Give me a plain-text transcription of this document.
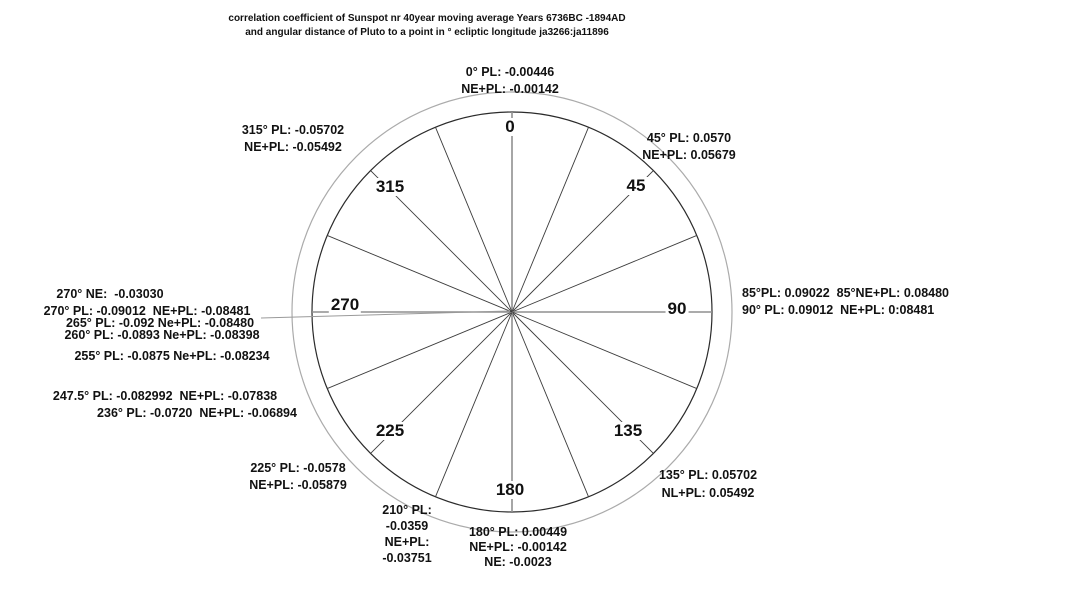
correlation coefficient of Sunspot nr 40year moving average Years 6736BC -1894AD
and angular distance of Pluto to a point in ° ecliptic longitude ja3266:ja11896
0
45
90
135
180
225
270
315
0° PL: -0.00446
NE+PL: -0.00142
45° PL: 0.0570
NE+PL: 0.05679
85°PL: 0.09022  85°NE+PL: 0.08480
90° PL: 0.09012  NE+PL: 0:08481
135° PL: 0.05702
NL+PL: 0.05492
180° PL: 0.00449
NE+PL: -0.00142
NE: -0.0023
210° PL:
-0.0359
NE+PL:
-0.03751
225° PL: -0.0578
NE+PL: -0.05879
247.5° PL: -0.082992  NE+PL: -0.07838
236° PL: -0.0720  NE+PL: -0.06894
270° NE:  -0.03030
270° PL: -0.09012  NE+PL: -0.08481
265° PL: -0.092 Ne+PL: -0.08480
260° PL: -0.0893 Ne+PL: -0.08398
255° PL: -0.0875 Ne+PL: -0.08234
315° PL: -0.05702
NE+PL: -0.05492
